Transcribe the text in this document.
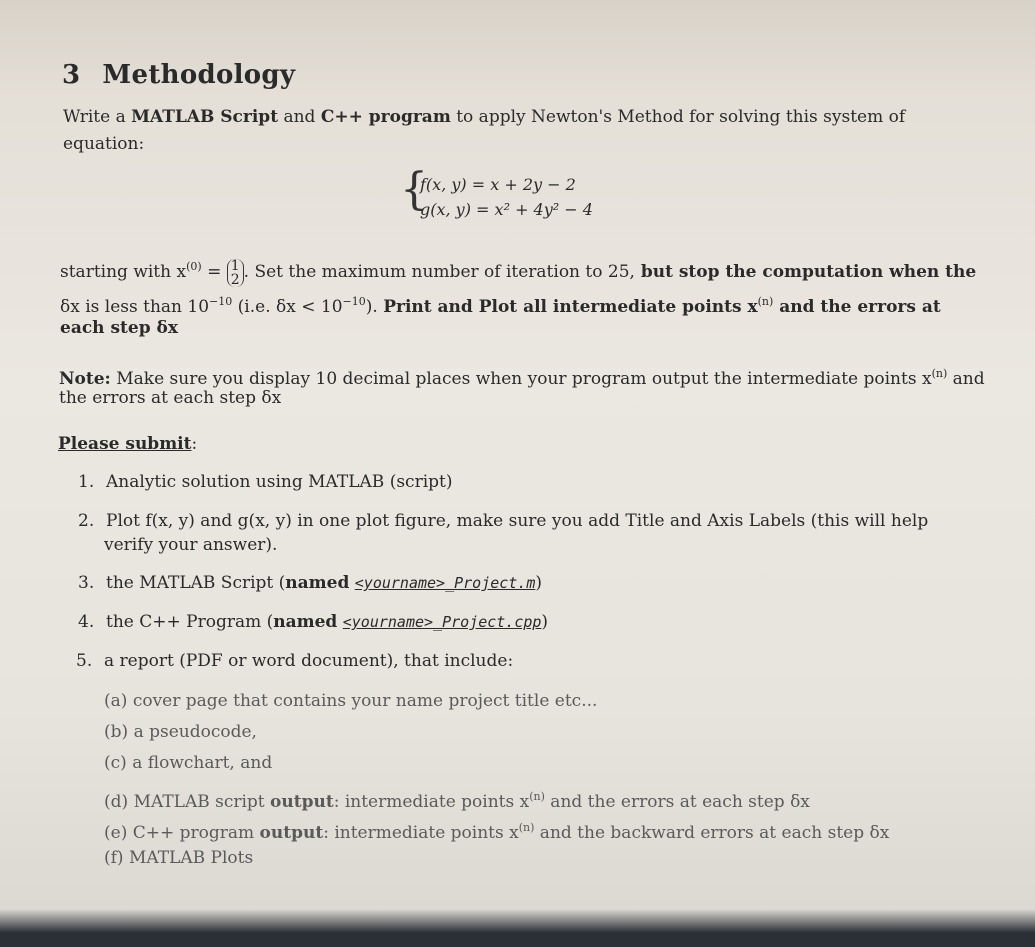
3 Methodology
Write a MATLAB Script and C++ program to apply Newton's Method for solving this system of
equation:
{
f(x, y) = x + 2y − 2
g(x, y) = x² + 4y² − 4
starting with $x^{(0)} = 1$
2 . Set the maximum number of iteration to 25, but stop the computation when the
δx is less than $10^{-10}$ (i.e. $\delta x < 10^{-10}$). Print and Plot all intermediate points $x^{(n)}$ and the errors at
each step δx
Note: Make sure you display 10 decimal places when your program output the intermediate points $x^{(n)}$ and
the errors at each step δx
Please submit:
1. Analytic solution using MATLAB (script)
2. Plot f(x, y) and g(x, y) in one plot figure, make sure you add Title and Axis Labels (this will help
verify your answer).
3. the MATLAB Script (named <yourname>_Project.m)
4. the C++ Program (named <yourname>_Project.cpp)
5. a report (PDF or word document), that include:
(a) cover page that contains your name project title etc...
(b) a pseudocode,
(c) a flowchart, and
(d) MATLAB script output: intermediate points $x^{(n)}$ and the errors at each step δx
(e) C++ program output: intermediate points $x^{(n)}$ and the backward errors at each step δx
(f) MATLAB Plots
